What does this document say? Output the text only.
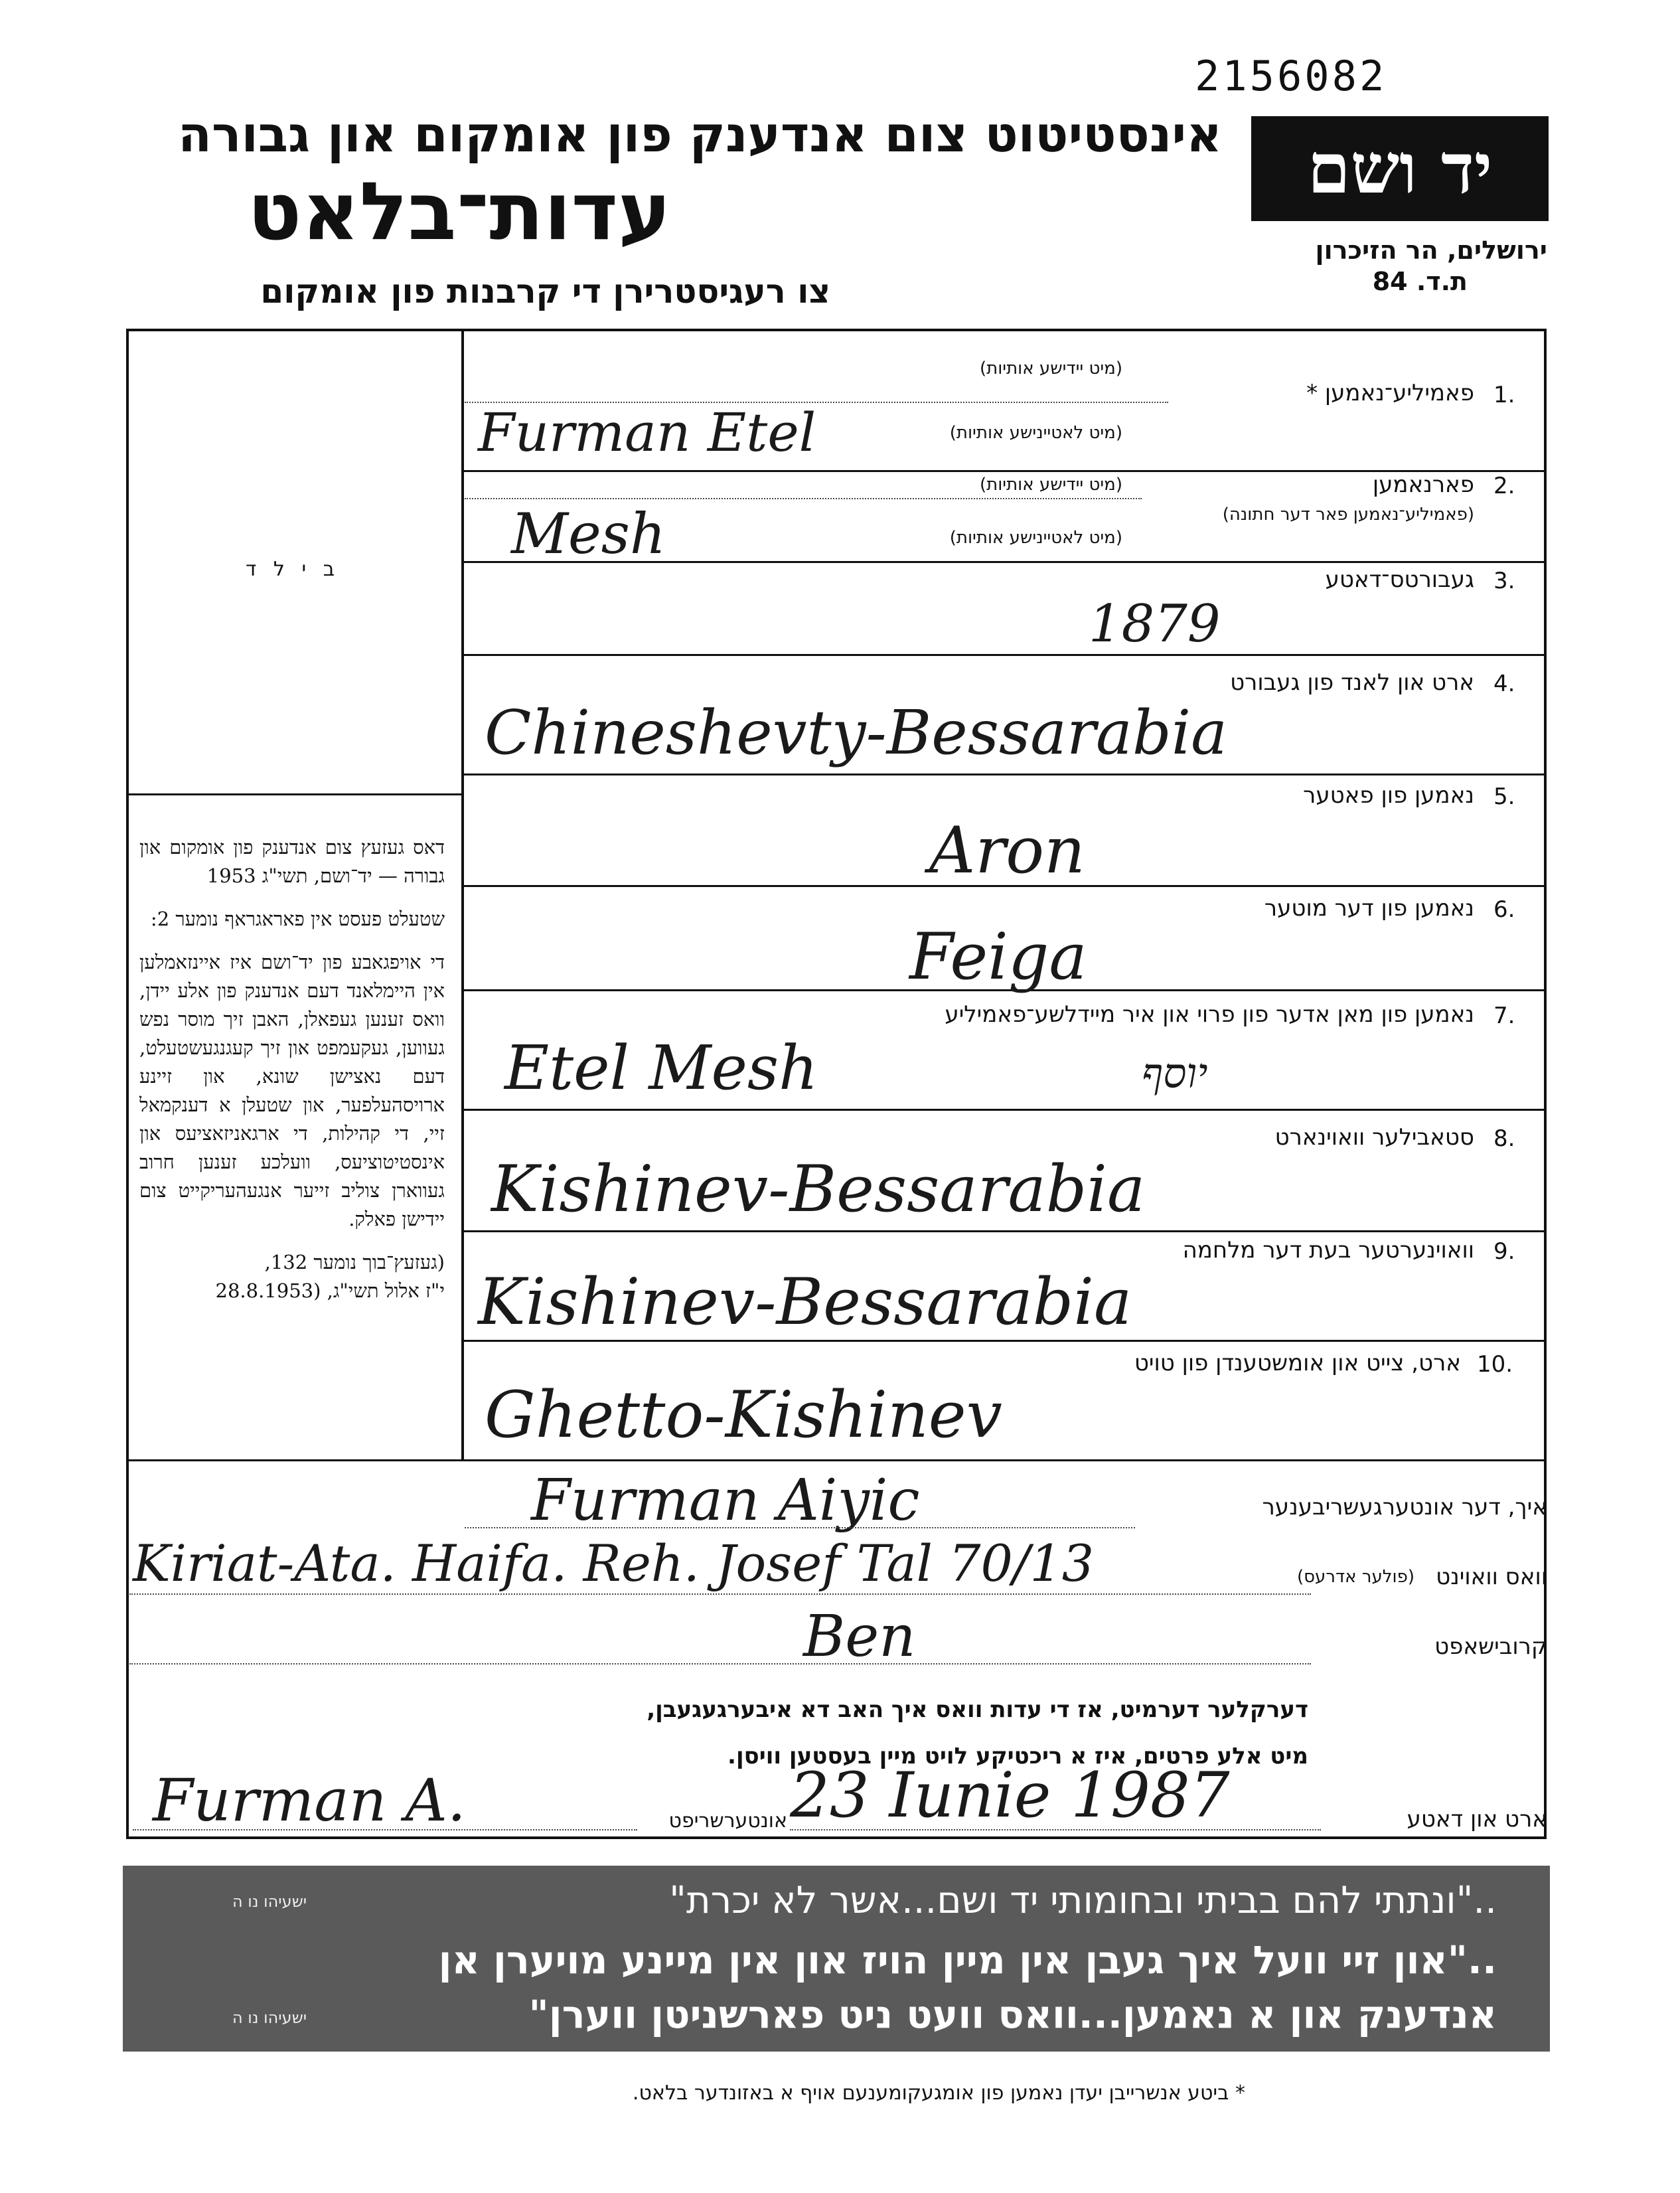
2156082
אינסטיטוט צום אנדענק פון אומקום און גבורה
עדות־בלאט
צו רעגיסטרירן די קרבנות פון אומקום
יד ושם
ירושלים, הר הזיכרון
ת.ד. 84
ב י ל ד
דאס געזעץ צום אנדענק פון אומקום און גבורה — יד־ושם, תשי"ג 1953
שטעלט פעסט אין פאראגראף נומער 2:
די אויפגאבע פון יד־ושם איז איינזאמלען אין היימלאנד דעם אנדענק פון אלע יידן, וואס זענען געפאלן, האבן זיך מוסר נפש געווען, געקעמפט און זיך קעגנגעשטעלט, דעם נאצישן שונא, און זיינע ארויסהעלפער, און שטעלן א דענקמאל זיי, די קהילות, די ארגאניזאציעס און אינסטיטוציעס, וועלכע זענען חרוב געווארן צוליב זייער אנגעהעריקייט צום יידישן פאלק.
(געזעץ־בוך נומער 132,
י"ז אלול תשי"ג, (28.8.1953
1.
פאמיליע־נאמען *
(מיט יידישע אותיות)
(מיט לאטיינישע אותיות)
Furman Etel
2.
פארנאמען
(פאמיליע־נאמען פאר דער חתונה)
(מיט יידישע אותיות)
(מיט לאטיינישע אותיות)
Mesh
3.
געבורטס־דאטע
1879
4.
ארט און לאנד פון געבורט
Chineshevty-Bessarabia
5.
נאמען פון פאטער
Aron
6.
נאמען פון דער מוטער
Feiga
7.
נאמען פון מאן אדער פון פרוי און איר מיידלשע־פאמיליע
Etel Mesh	יוסף
8.
סטאבילער וואוינארט
Kishinev-Bessarabia
9.
וואוינערטער בעת דער מלחמה
Kishinev-Bessarabia
10.
ארט, צייט און אומשטענדן פון טויט
Ghetto-Kishinev
איך, דער אונטערגעשריבענער
Furman Aiyic
וואס וואוינט
(פולער אדרעס)
Kiriat-Ata. Haifa. Reh. Josef Tal 70/13
קרובישאפט
Ben
דערקלער דערמיט, אז די עדות וואס איך האב דא איבערגעגעבן,
מיט אלע פרטים, איז א ריכטיקע לויט מיין בעסטען וויסן.
ארט און דאטע
23 Iunie 1987
אונטערשריפט
Furman A.
.."ונתתי להם בביתי ובחומותי יד ושם...אשר לא יכרת"
ישעיהו נו ה
.."און זיי וועל איך געבן אין מיין הויז און אין מיינע מויערן אן
אנדענק און א נאמען...וואס וועט ניט פארשניטן ווערן"
ישעיהו נו ה
* ביטע אנשרייבן יעדן נאמען פון אומגעקומענעם אויף א באזונדער בלאט.
